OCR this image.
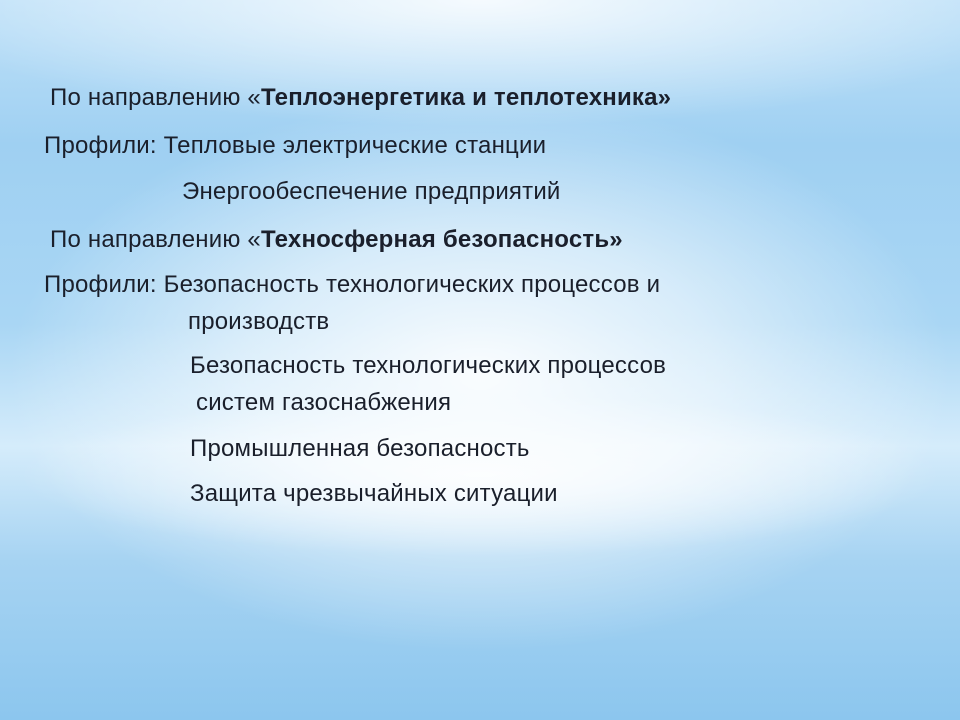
По направлению «Теплоэнергетика и теплотехника»
Профили: Тепловые электрические станции
Энергообеспечение предприятий
По направлению «Техносферная безопасность»
Профили: Безопасность технологических процессов и
производств
Безопасность технологических процессов
систем газоснабжения
Промышленная безопасность
Защита чрезвычайных ситуации
